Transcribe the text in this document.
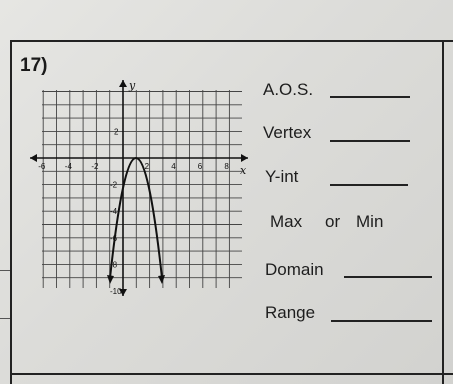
17)
x
y
-6 -4 -2	2	4	6	8
2
-2
-4
-6
-8
-10
A.O.S.
Vertex
Y-int
Max or Min
Domain
Range
